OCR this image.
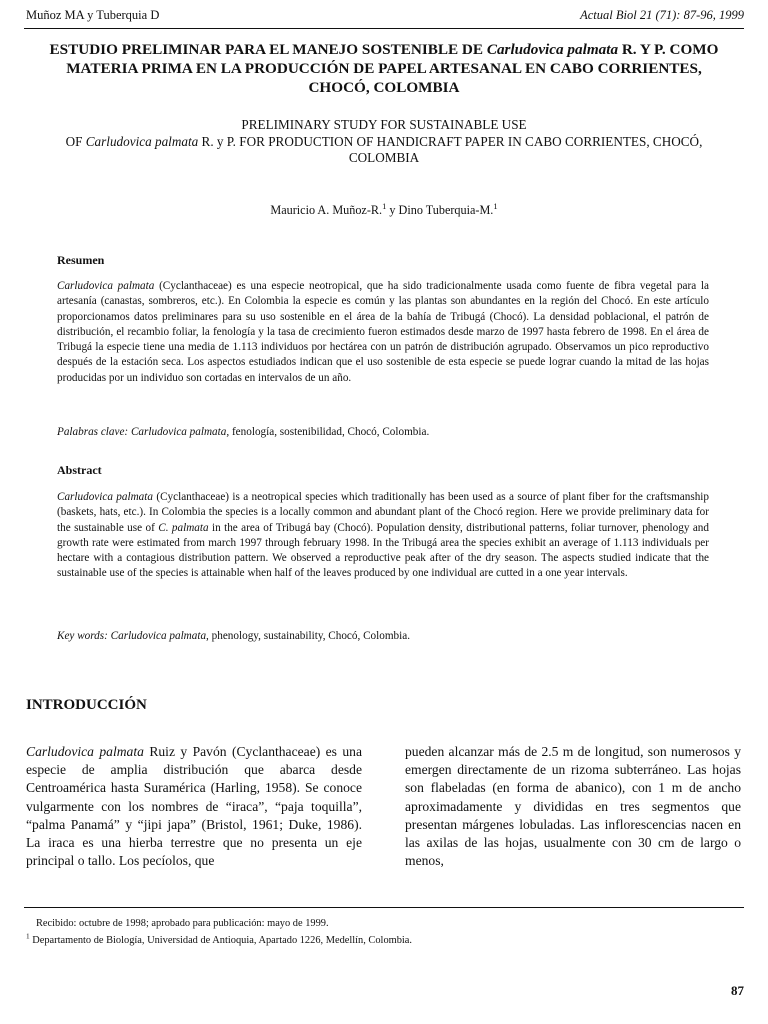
Muñoz MA y Tuberquia D	Actual Biol 21 (71): 87-96, 1999
ESTUDIO PRELIMINAR PARA EL MANEJO SOSTENIBLE DE Carludovica palmata R. Y P. COMO MATERIA PRIMA EN LA PRODUCCIÓN DE PAPEL ARTESANAL EN CABO CORRIENTES, CHOCÓ, COLOMBIA
PRELIMINARY STUDY FOR SUSTAINABLE USE
OF Carludovica palmata R. y P. FOR PRODUCTION OF HANDICRAFT PAPER IN CABO CORRIENTES, CHOCÓ, COLOMBIA
Mauricio A. Muñoz-R.$^1$ y Dino Tuberquia-M.$^1$
Resumen
Carludovica palmata (Cyclanthaceae) es una especie neotropical, que ha sido tradicionalmente usada como fuente de fibra vegetal para la artesanía (canastas, sombreros, etc.). En Colombia la especie es común y las plantas son abundantes en la región del Chocó. En este artículo proporcionamos datos preliminares para su uso sostenible en el área de la bahía de Tribugá (Chocó). La densidad poblacional, el patrón de distribución, el recambio foliar, la fenología y la tasa de crecimiento fueron estimados desde marzo de 1997 hasta febrero de 1998. En el área de Tribugá la especie tiene una media de 1.113 individuos por hectárea con un patrón de distribución agrupado. Observamos un pico reproductivo después de la estación seca. Los aspectos estudiados indican que el uso sostenible de esta especie se puede lograr cuando la mitad de las hojas producidas por un individuo son cortadas en intervalos de un año.
Palabras clave: Carludovica palmata, fenología, sostenibilidad, Chocó, Colombia.
Abstract
Carludovica palmata (Cyclanthaceae) is a neotropical species which traditionally has been used as a source of plant fiber for the craftsmanship (baskets, hats, etc.). In Colombia the species is a locally common and abundant plant of the Chocó region. Here we provide preliminary data for the sustainable use of C. palmata in the area of Tribugá bay (Chocó). Population density, distributional patterns, foliar turnover, phenology and growth rate were estimated from march 1997 through february 1998. In the Tribugá area the species exhibit an average of 1.113 individuals per hectare with a contagious distribution pattern. We observed a reproductive peak after of the dry season. The aspects studied indicate that the sustainable use of the species is attainable when half of the leaves produced by one individual are cutted in a one year intervals.
Key words: Carludovica palmata, phenology, sustainability, Chocó, Colombia.
INTRODUCCIÓN
Carludovica palmata Ruiz y Pavón (Cyclanthaceae) es una especie de amplia distribución que abarca desde Centroamérica hasta Suramérica (Harling, 1958). Se conoce vulgarmente con los nombres de “iraca”, “paja toquilla”, “palma Panamá” y “jipi japa” (Bristol, 1961; Duke, 1986). La iraca es una hierba terrestre que no presenta un eje principal o tallo. Los pecíolos, que
pueden alcanzar más de 2.5 m de longitud, son numerosos y emergen directamente de un rizoma subterráneo. Las hojas son flabeladas (en forma de abanico), con 1 m de ancho aproximadamente y divididas en tres segmentos que presentan márgenes lobuladas. Las inflorescencias nacen en las axilas de las hojas, usualmente con 30 cm de largo o menos,
Recibido: octubre de 1998; aprobado para publicación: mayo de 1999.
$^1$ Departamento de Biología, Universidad de Antioquia, Apartado 1226, Medellín, Colombia.
87
